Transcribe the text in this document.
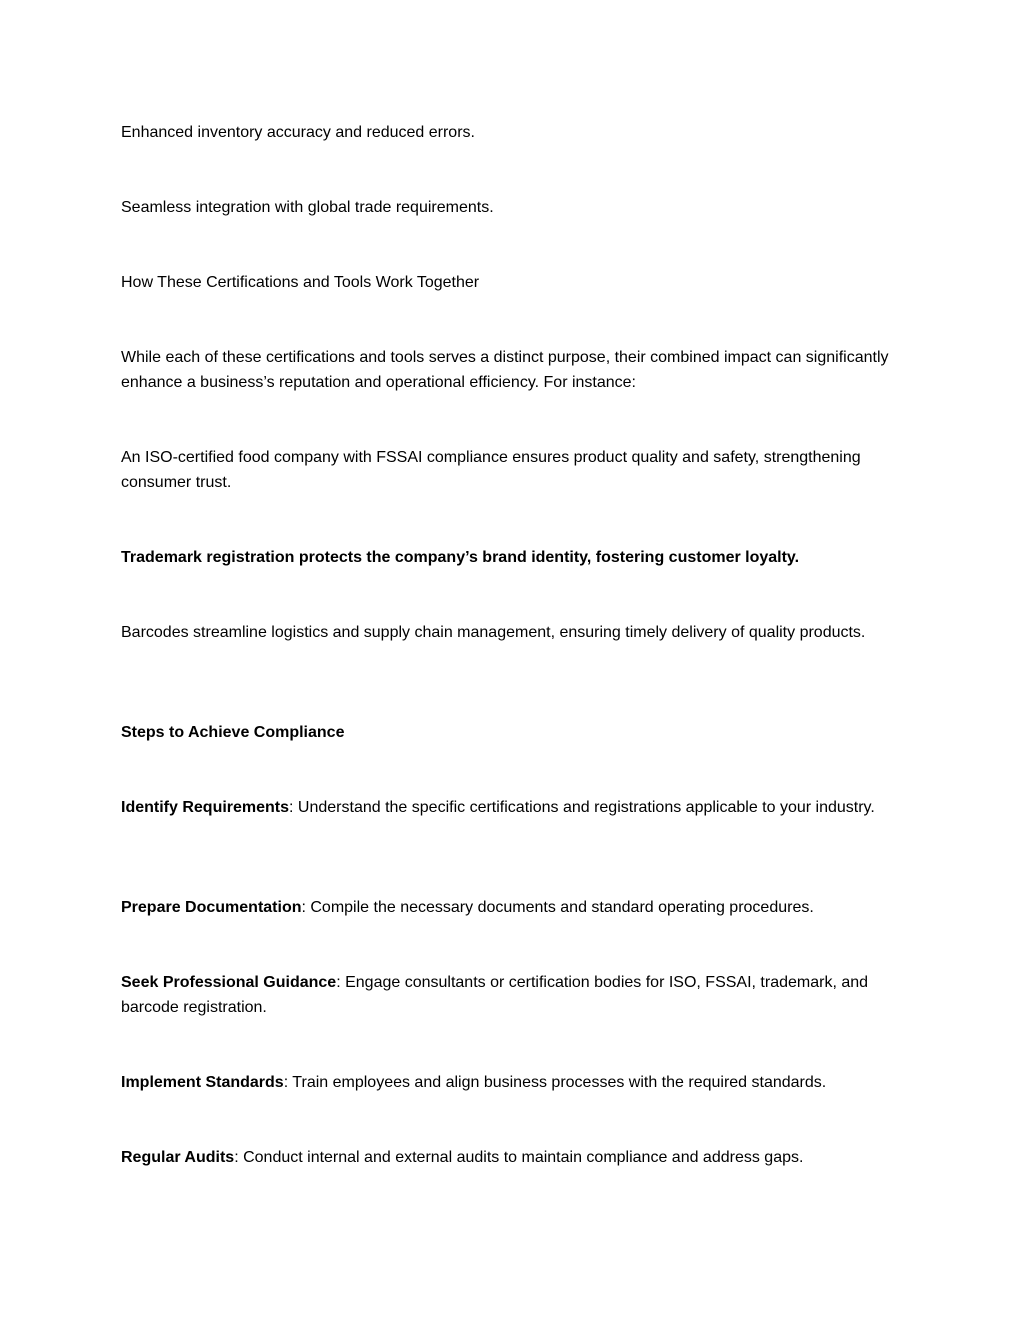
Enhanced inventory accuracy and reduced errors.

Seamless integration with global trade requirements.

How These Certifications and Tools Work Together

While each of these certifications and tools serves a distinct purpose, their combined impact can significantly enhance a business’s reputation and operational efficiency. For instance:

An ISO-certified food company with FSSAI compliance ensures product quality and safety, strengthening consumer trust.

Trademark registration protects the company’s brand identity, fostering customer loyalty.

Barcodes streamline logistics and supply chain management, ensuring timely delivery of quality products.

Steps to Achieve Compliance

Identify Requirements: Understand the specific certifications and registrations applicable to your industry.

Prepare Documentation: Compile the necessary documents and standard operating procedures.

Seek Professional Guidance: Engage consultants or certification bodies for ISO, FSSAI, trademark, and barcode registration.

Implement Standards: Train employees and align business processes with the required standards.

Regular Audits: Conduct internal and external audits to maintain compliance and address gaps.
